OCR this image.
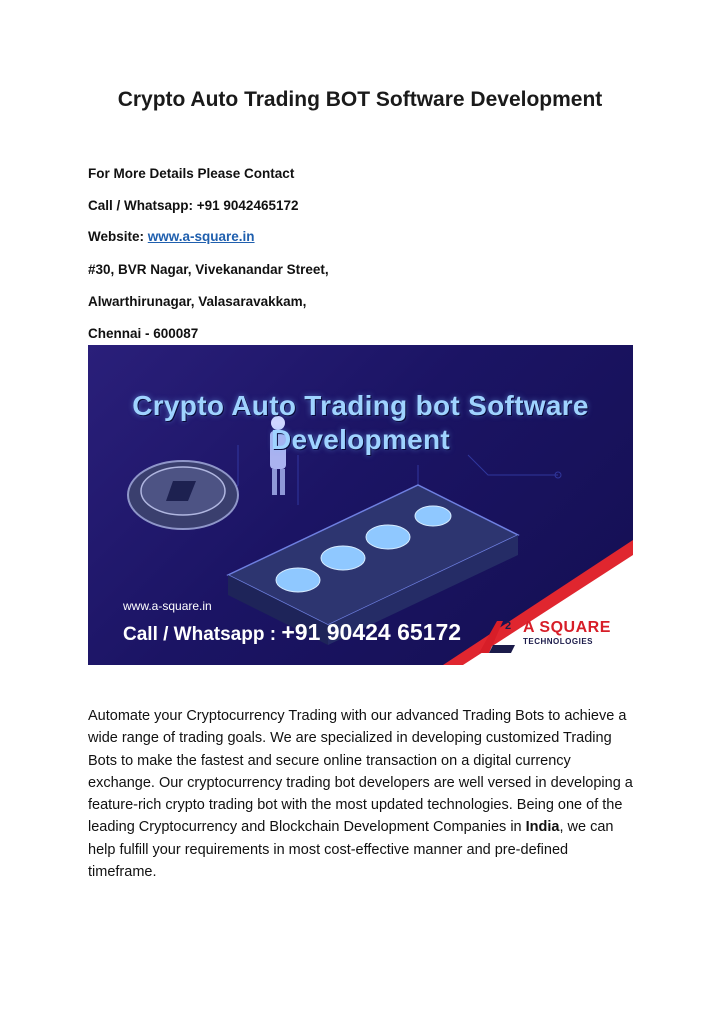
Crypto Auto Trading BOT Software Development
For More Details Please Contact
Call / Whatsapp: +91 9042465172
Website: www.a-square.in
#30, BVR Nagar, Vivekanandar Street,
Alwarthirunagar, Valasaravakkam,
Chennai - 600087
Crypto Auto Trading bot Software
Development
www.a-square.in
Call / Whatsapp : +91 90424 65172	2 A SQUARE
TECHNOLOGIES
Automate your Cryptocurrency Trading with our advanced Trading Bots to achieve a wide range of trading goals. We are specialized in developing customized Trading Bots to make the fastest and secure online transaction on a digital currency exchange. Our cryptocurrency trading bot developers are well versed in developing a feature-rich crypto trading bot with the most updated technologies. Being one of the leading Cryptocurrency and Blockchain Development Companies in India, we can help fulfill your requirements in most cost-effective manner and pre-defined timeframe.
